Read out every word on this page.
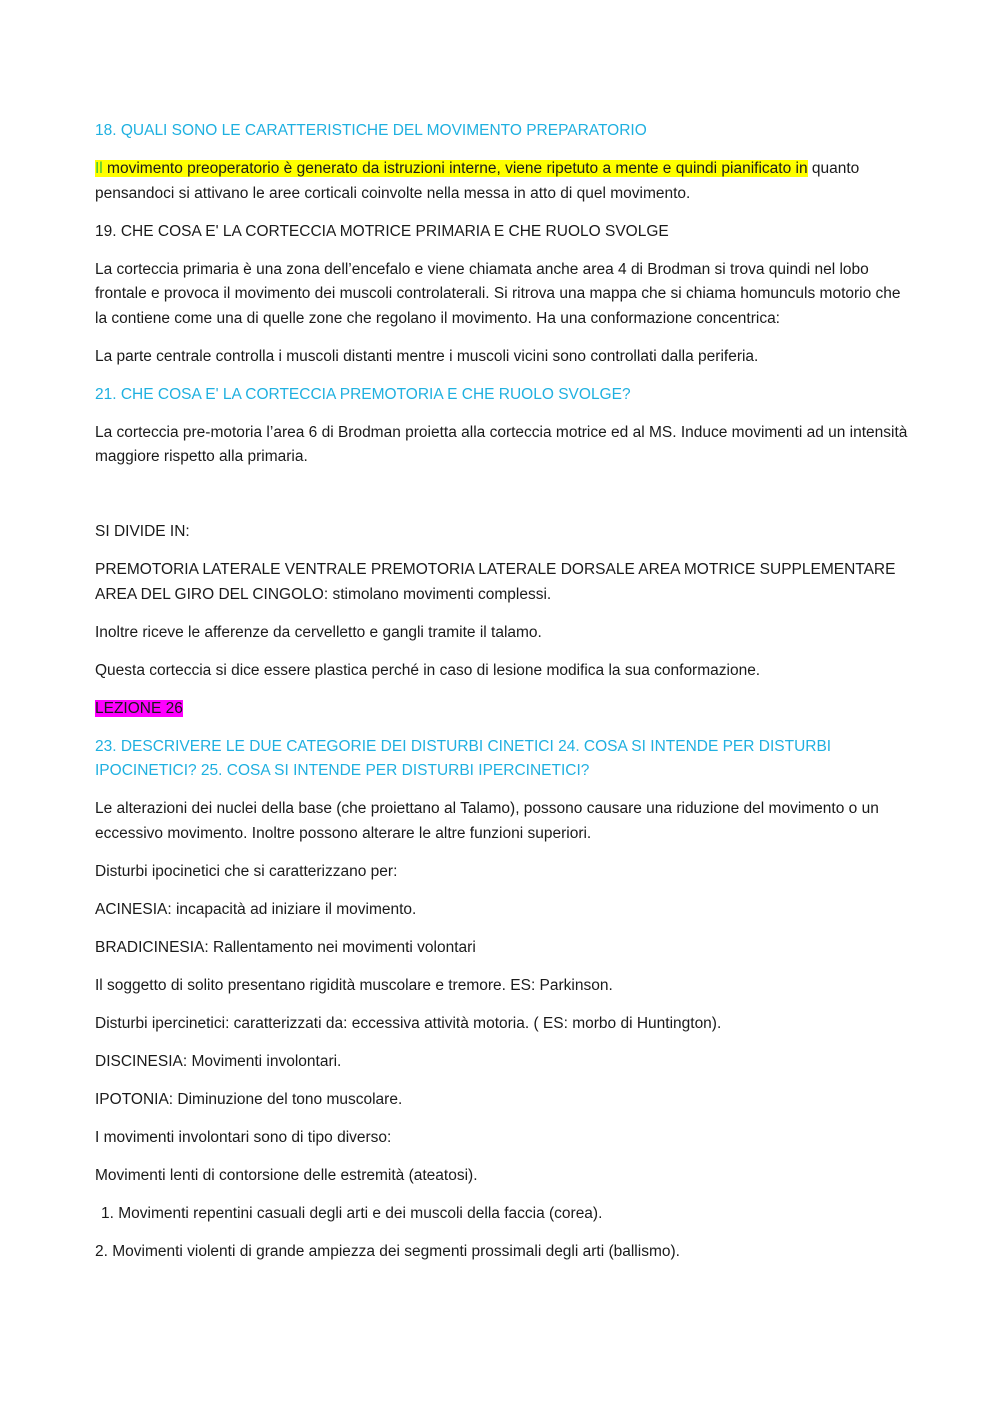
18. QUALI SONO LE CARATTERISTICHE DEL MOVIMENTO PREPARATORIO

Il movimento preoperatorio è generato da istruzioni interne, viene ripetuto a mente e quindi pianificato in quanto pensandoci si attivano le aree corticali coinvolte nella messa in atto di quel movimento.

19. CHE COSA E' LA CORTECCIA MOTRICE PRIMARIA E CHE RUOLO SVOLGE

La corteccia primaria è una zona dell’encefalo e viene chiamata anche area 4 di Brodman si trova quindi nel lobo frontale e provoca il movimento dei muscoli controlaterali. Si ritrova una mappa che si chiama homunculs motorio che la contiene come una di quelle zone che regolano il movimento. Ha una conformazione concentrica:

La parte centrale controlla i muscoli distanti mentre i muscoli vicini sono controllati dalla periferia.

21. CHE COSA E' LA CORTECCIA PREMOTORIA E CHE RUOLO SVOLGE?

La corteccia pre-motoria l’area 6 di Brodman proietta alla corteccia motrice ed al MS. Induce movimenti ad un intensità maggiore rispetto alla primaria.

SI DIVIDE IN:

PREMOTORIA LATERALE VENTRALE PREMOTORIA LATERALE DORSALE AREA MOTRICE SUPPLEMENTARE AREA DEL GIRO DEL CINGOLO: stimolano movimenti complessi.

Inoltre riceve le afferenze da cervelletto e gangli tramite il talamo.

Questa corteccia si dice essere plastica perché in caso di lesione modifica la sua conformazione.

LEZIONE 26

23. DESCRIVERE LE DUE CATEGORIE DEI DISTURBI CINETICI 24. COSA SI INTENDE PER DISTURBI IPOCINETICI? 25. COSA SI INTENDE PER DISTURBI IPERCINETICI?

Le alterazioni dei nuclei della base (che proiettano al Talamo), possono causare una riduzione del movimento o un eccessivo movimento. Inoltre possono alterare le altre funzioni superiori.

Disturbi ipocinetici che si caratterizzano per:

ACINESIA: incapacità ad iniziare il movimento.

BRADICINESIA: Rallentamento nei movimenti volontari

Il soggetto di solito presentano rigidità muscolare e tremore. ES: Parkinson.

Disturbi ipercinetici: caratterizzati da: eccessiva attività motoria. ( ES: morbo di Huntington).

DISCINESIA: Movimenti involontari.

IPOTONIA: Diminuzione del tono muscolare.

I movimenti involontari sono di tipo diverso:

Movimenti lenti di contorsione delle estremità (ateatosi).

1. Movimenti repentini casuali degli arti e dei muscoli della faccia (corea).

2. Movimenti violenti di grande ampiezza dei segmenti prossimali degli arti (ballismo).
